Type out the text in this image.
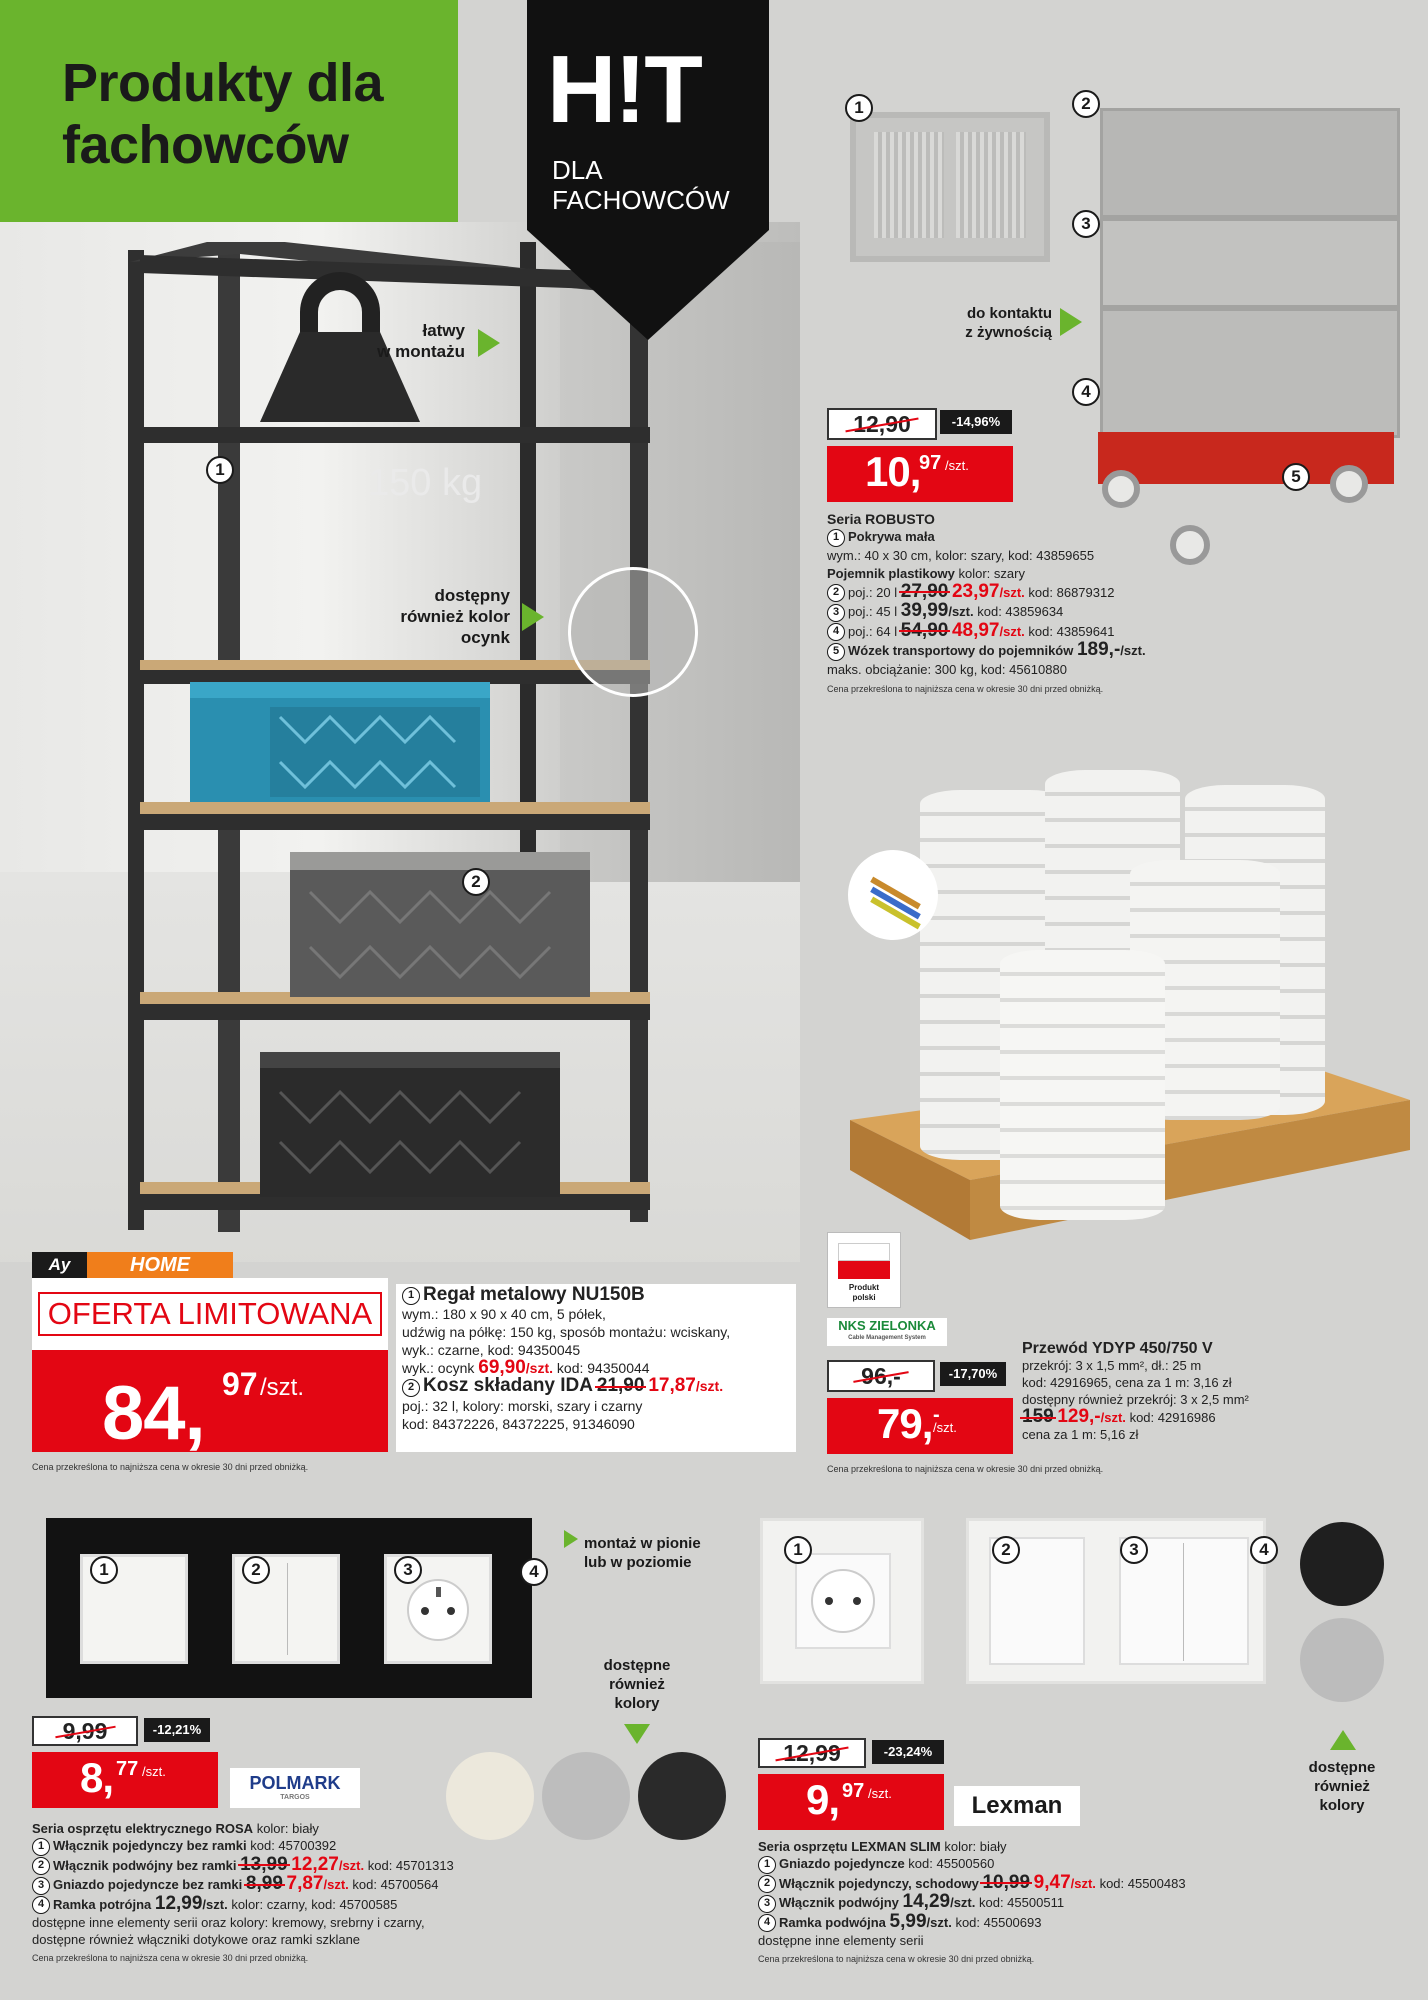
Produkty dla
fachowców
150 kg
H!T
DLA
FACHOWCÓW
łatwy
w montażu
dostępny
również kolor
ocynk
1
2
Ay	HOME
OFERTA LIMITOWANA
84, 97 /szt.
1 Regał metalowy NU150B
wym.: 180 x 90 x 40 cm, 5 półek,
udźwig na półkę: 150 kg, sposób montażu: wciskany,
wyk.: czarne, kod: 94350045
wyk.: ocynk 69,90/szt. kod: 94350044
2 Kosz składany IDA 21,90 17,87/szt.
poj.: 32 l, kolory: morski, szary i czarny
kod: 84372226, 84372225, 91346090
Cena przekreślona to najniższa cena w okresie 30 dni przed obniżką.
1	2
3
4
5
do kontaktu
z żywnością
12,90	-14,96%
10,
97 /szt.
Seria ROBUSTO
1 Pokrywa mała
wym.: 40 x 30 cm, kolor: szary, kod: 43859655
Pojemnik plastikowy kolor: szary
2 poj.: 20 l 27,90 23,97/szt. kod: 86879312
3 poj.: 45 l 39,99/szt. kod: 43859634
4 poj.: 64 l 54,90 48,97/szt. kod: 43859641
5 Wózek transportowy do pojemników 189,-/szt.
maks. obciążanie: 300 kg, kod: 45610880
Cena przekreślona to najniższa cena w okresie 30 dni przed obniżką.
Produkt
polski
NKS ZIELONKA
Cable Management System
96,-	-17,70%
79, -
/szt.
Przewód YDYP 450/750 V
przekrój: 3 x 1,5 mm², dł.: 25 m
kod: 42916965, cena za 1 m: 3,16 zł
dostępny również przekrój: 3 x 2,5 mm²
159 129,-/szt. kod: 42916986
cena za 1 m: 5,16 zł
Cena przekreślona to najniższa cena w okresie 30 dni przed obniżką.
1	2	3	4
montaż w pionie
lub w poziomie
dostępne
również
kolory
9,99	-12,21%
8, 77 /szt.
POLMARK
TARGOS
Seria osprzętu elektrycznego ROSA kolor: biały
1 Włącznik pojedynczy bez ramki kod: 45700392
2 Włącznik podwójny bez ramki 13,99 12,27/szt. kod: 45701313
3 Gniazdo pojedyncze bez ramki 8,99 7,87/szt. kod: 45700564
4 Ramka potrójna 12,99/szt. kolor: czarny, kod: 45700585
dostępne inne elementy serii oraz kolory: kremowy, srebrny i czarny,
dostępne również włączniki dotykowe oraz ramki szklane
Cena przekreślona to najniższa cena w okresie 30 dni przed obniżką.
1	2	3	4
dostępne
również
kolory
12,99	-23,24%
9, 97 /szt.	Lexman
Seria osprzętu LEXMAN SLIM kolor: biały
1 Gniazdo pojedyncze kod: 45500560
2 Włącznik pojedynczy, schodowy 10,99 9,47/szt. kod: 45500483
3 Włącznik podwójny 14,29/szt. kod: 45500511
4 Ramka podwójna 5,99/szt. kod: 45500693
dostępne inne elementy serii
Cena przekreślona to najniższa cena w okresie 30 dni przed obniżką.
